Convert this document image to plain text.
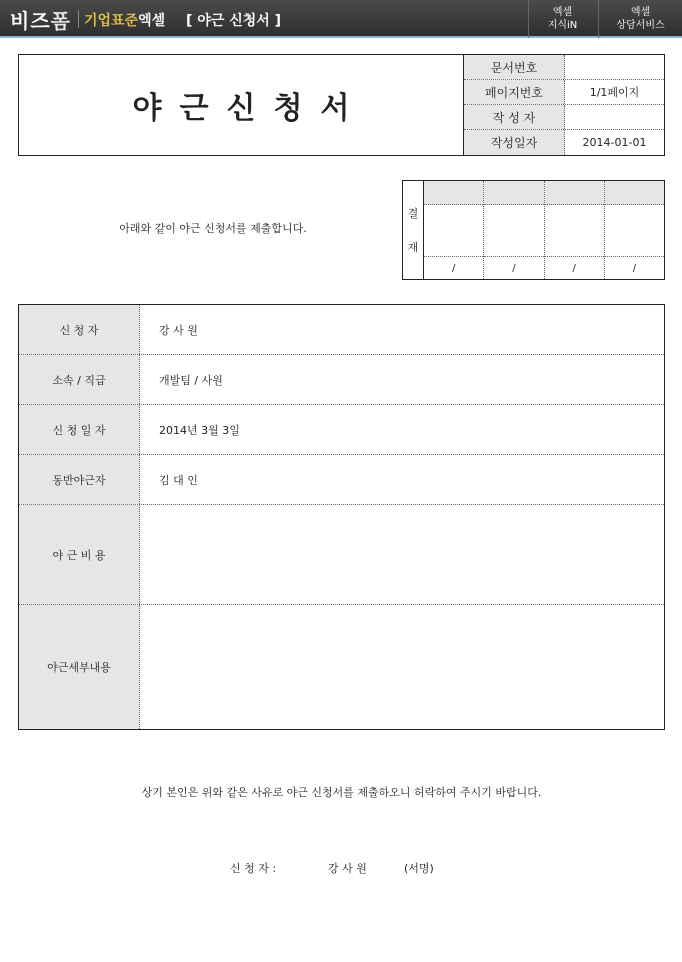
비즈폼 기업표준엑셀 [ 야근 신청서 ]
엑셀
지식iN
엑셀
상담서비스
야근신청서
문서번호
페이지번호	1/1페이지
작 성 자
작성일자	2014-01-01
아래와 같이 야근 신청서를 제출합니다.
결
재
/	/	/	/
신 청 자	강 사 원
소속 / 직급	개발팀 / 사원
신 청 일 자	2014년 3월 3일
동반야근자	김 대 인
야 근 비 용
야근세부내용
상기 본인은 위와 같은 사유로 야근 신청서를 제출하오니 허락하여 주시기 바랍니다.
신 청 자 :	강 사 원	(서명)
